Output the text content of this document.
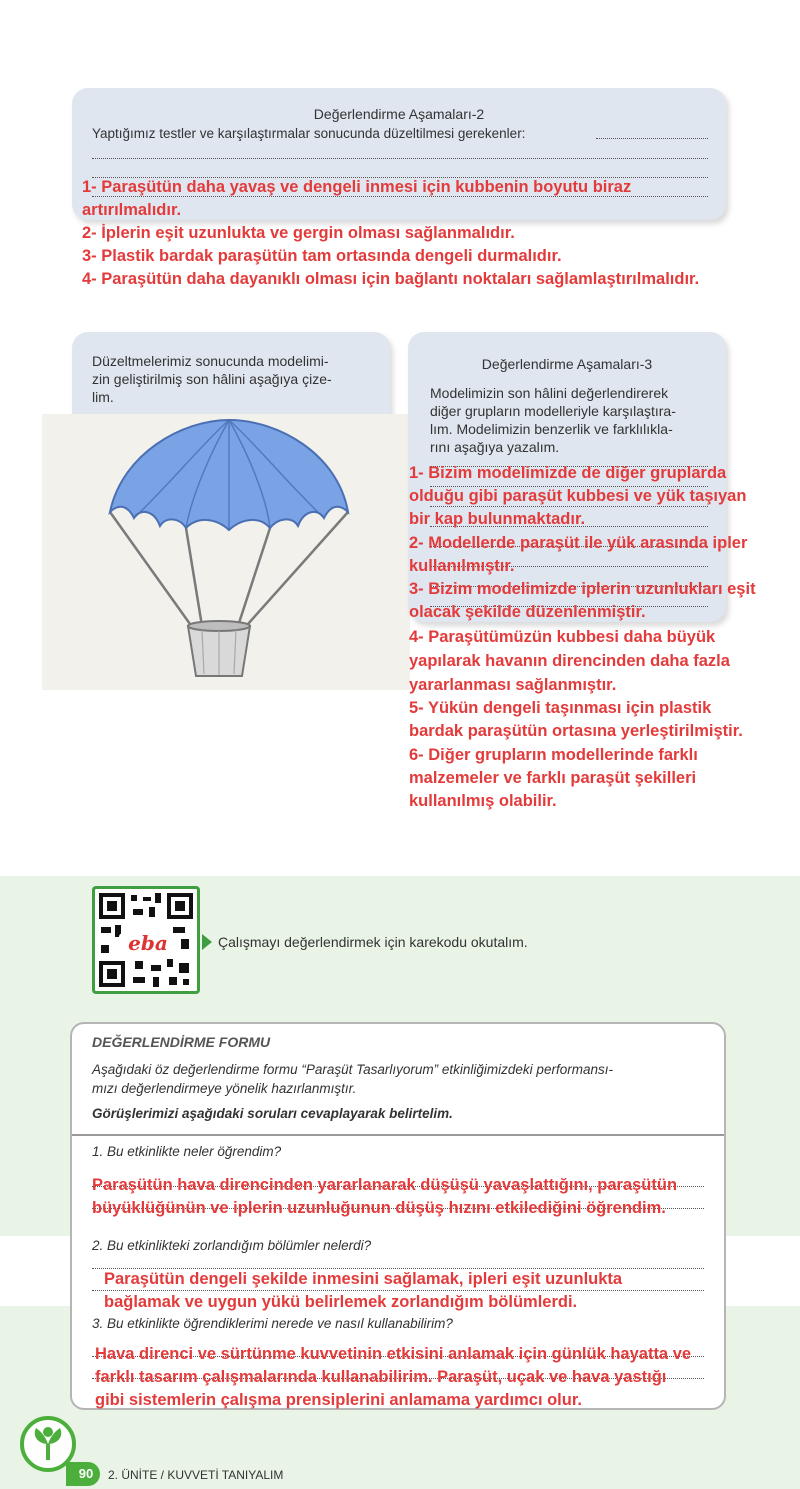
Değerlendirme Aşamaları-2
Yaptığımız testler ve karşılaştırmalar sonucunda düzeltilmesi gerekenler:
1- Paraşütün daha yavaş ve dengeli inmesi için kubbenin boyutu biraz
artırılmalıdır.
2- İplerin eşit uzunlukta ve gergin olması sağlanmalıdır.
3- Plastik bardak paraşütün tam ortasında dengeli durmalıdır.
4- Paraşütün daha dayanıklı olması için bağlantı noktaları sağlamlaştırılmalıdır.
Düzeltmelerimiz sonucunda modelimi-
zin geliştirilmiş son hâlini aşağıya çize-
lim.
Değerlendirme Aşamaları-3
Modelimizin son hâlini değerlendirerek
diğer grupların modelleriyle karşılaştıra-
lım. Modelimizin benzerlik ve farklılıkla-
rını aşağıya yazalım.
1- Bizim modelimizde de diğer gruplarda
olduğu gibi paraşüt kubbesi ve yük taşıyan
bir kap bulunmaktadır.
2- Modellerde paraşüt ile yük arasında ipler
kullanılmıştır.
3- Bizim modelimizde iplerin uzunlukları eşit
olacak şekilde düzenlenmiştir.
4- Paraşütümüzün kubbesi daha büyük
yapılarak havanın direncinden daha fazla
yararlanması sağlanmıştır.
5- Yükün dengeli taşınması için plastik
bardak paraşütün ortasına yerleştirilmiştir.
6- Diğer grupların modellerinde farklı
malzemeler ve farklı paraşüt şekilleri
kullanılmış olabilir.
eba	Çalışmayı değerlendirmek için karekodu okutalım.
DEĞERLENDİRME FORMU
Aşağıdaki öz değerlendirme formu “Paraşüt Tasarlıyorum” etkinliğimizdeki performansı-
mızı değerlendirmeye yönelik hazırlanmıştır.
Görüşlerimizi aşağıdaki soruları cevaplayarak belirtelim.
1. Bu etkinlikte neler öğrendim?
2. Bu etkinlikteki zorlandığım bölümler nelerdi?
3. Bu etkinlikte öğrendiklerimi nerede ve nasıl kullanabilirim?
Paraşütün hava direncinden yararlanarak düşüşü yavaşlattığını, paraşütün
büyüklüğünün ve iplerin uzunluğunun düşüş hızını etkilediğini öğrendim.
Paraşütün dengeli şekilde inmesini sağlamak, ipleri eşit uzunlukta
bağlamak ve uygun yükü belirlemek zorlandığım bölümlerdi.
Hava direnci ve sürtünme kuvvetinin etkisini anlamak için günlük hayatta ve
farklı tasarım çalışmalarında kullanabilirim. Paraşüt, uçak ve hava yastığı
gibi sistemlerin çalışma prensiplerini anlamama yardımcı olur.
90	2. ÜNİTE / KUVVETİ TANIYALIM
